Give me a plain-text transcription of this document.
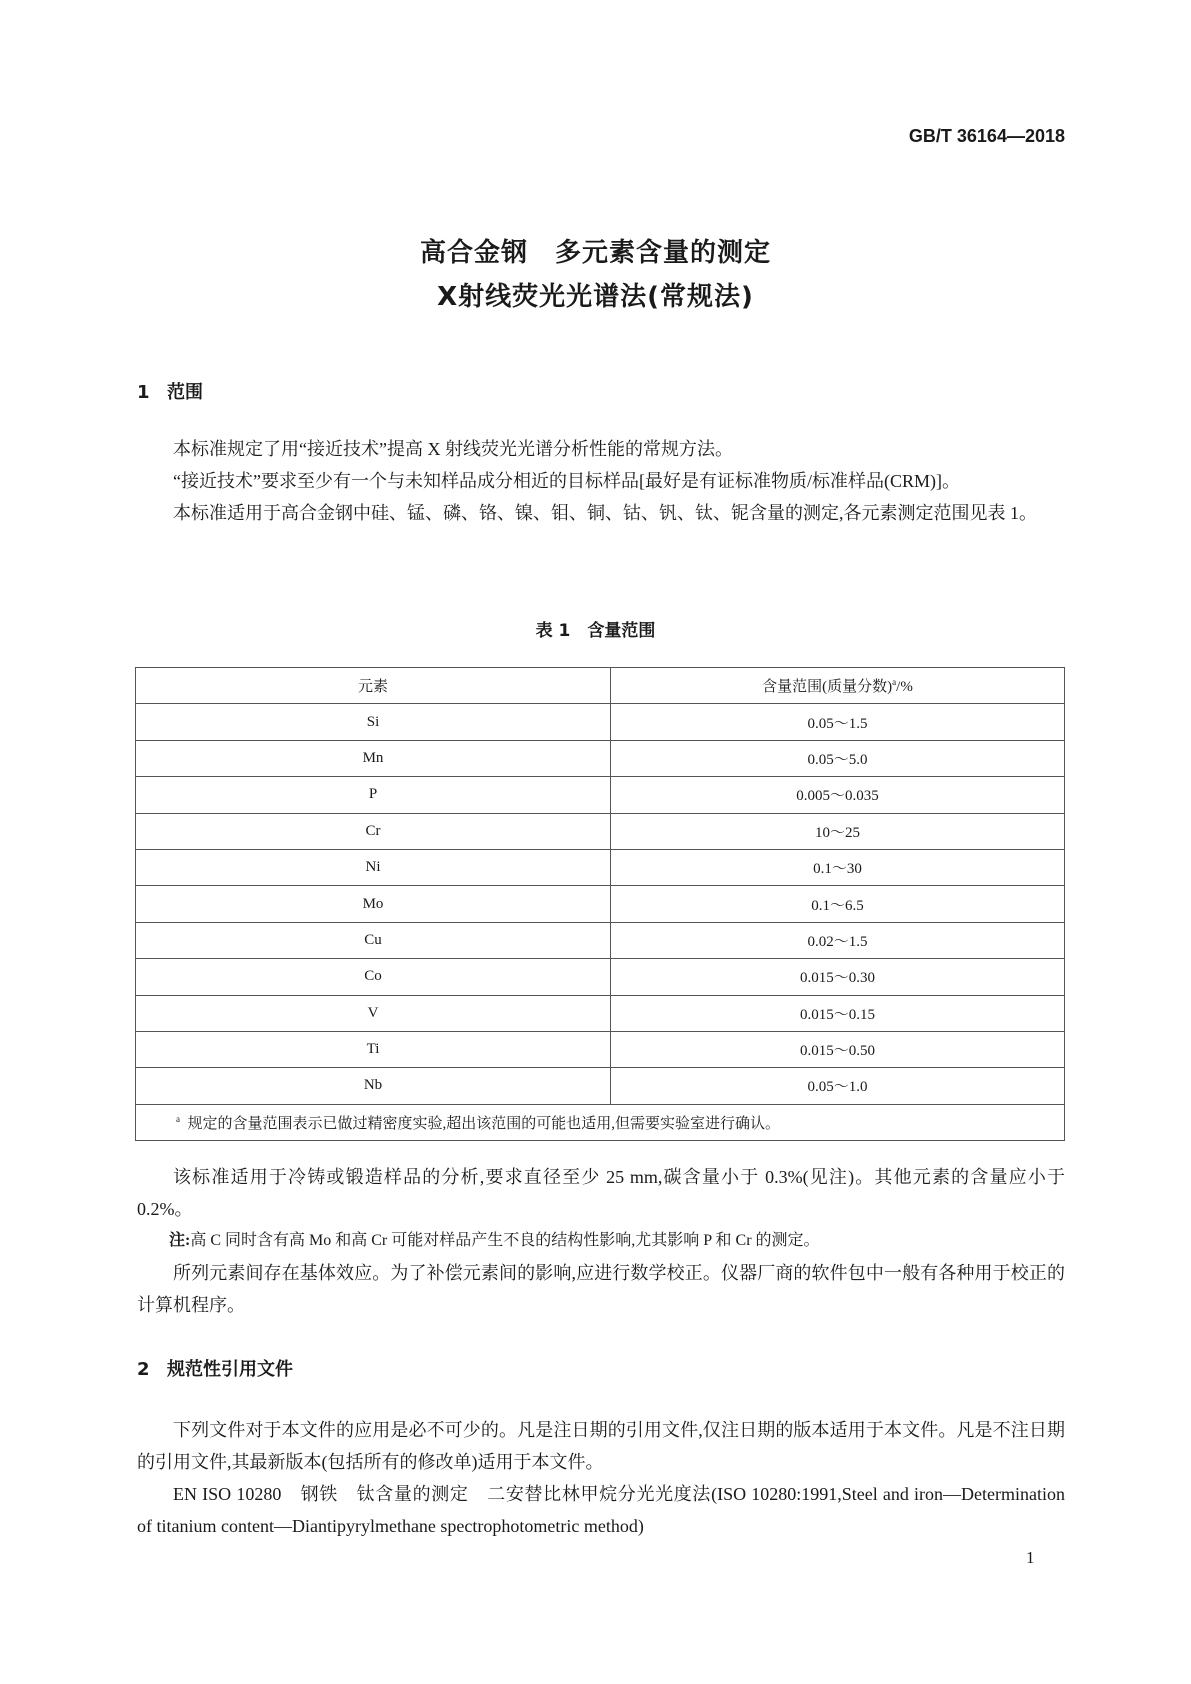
GB/T 36164—2018
高合金钢　多元素含量的测定
X射线荧光光谱法(常规法)
1 范围

本标准规定了用“接近技术”提高 X 射线荧光光谱分析性能的常规方法。

“接近技术”要求至少有一个与未知样品成分相近的目标样品[最好是有证标准物质/标准样品(CRM)]。

本标准适用于高合金钢中硅、锰、磷、铬、镍、钼、铜、钴、钒、钛、铌含量的测定,各元素测定范围见表 1。

表 1　含量范围
元素	含量范围(质量分数)$^a$/%
Si	0.05～1.5
Mn	0.05～5.0
P	0.005～0.035
Cr	10～25
Ni	0.1～30
Mo	0.1～6.5
Cu	0.02～1.5
Co	0.015～0.30
V	0.015～0.15
Ti	0.015～0.50
Nb	0.05～1.0
$^a$ 规定的含量范围表示已做过精密度实验,超出该范围的可能也适用,但需要实验室进行确认。	

该标准适用于冷铸或锻造样品的分析,要求直径至少 25 mm,碳含量小于 0.3%(见注)。其他元素的含量应小于 0.2%。

注:高 C 同时含有高 Mo 和高 Cr 可能对样品产生不良的结构性影响,尤其影响 P 和 Cr 的测定。

所列元素间存在基体效应。为了补偿元素间的影响,应进行数学校正。仪器厂商的软件包中一般有各种用于校正的计算机程序。

2 规范性引用文件

下列文件对于本文件的应用是必不可少的。凡是注日期的引用文件,仅注日期的版本适用于本文件。凡是不注日期的引用文件,其最新版本(包括所有的修改单)适用于本文件。

EN ISO 10280　钢铁　钛含量的测定　二安替比林甲烷分光光度法(ISO 10280:1991,Steel and iron—Determination of titanium content—Diantipyrylmethane spectrophotometric method)

1
